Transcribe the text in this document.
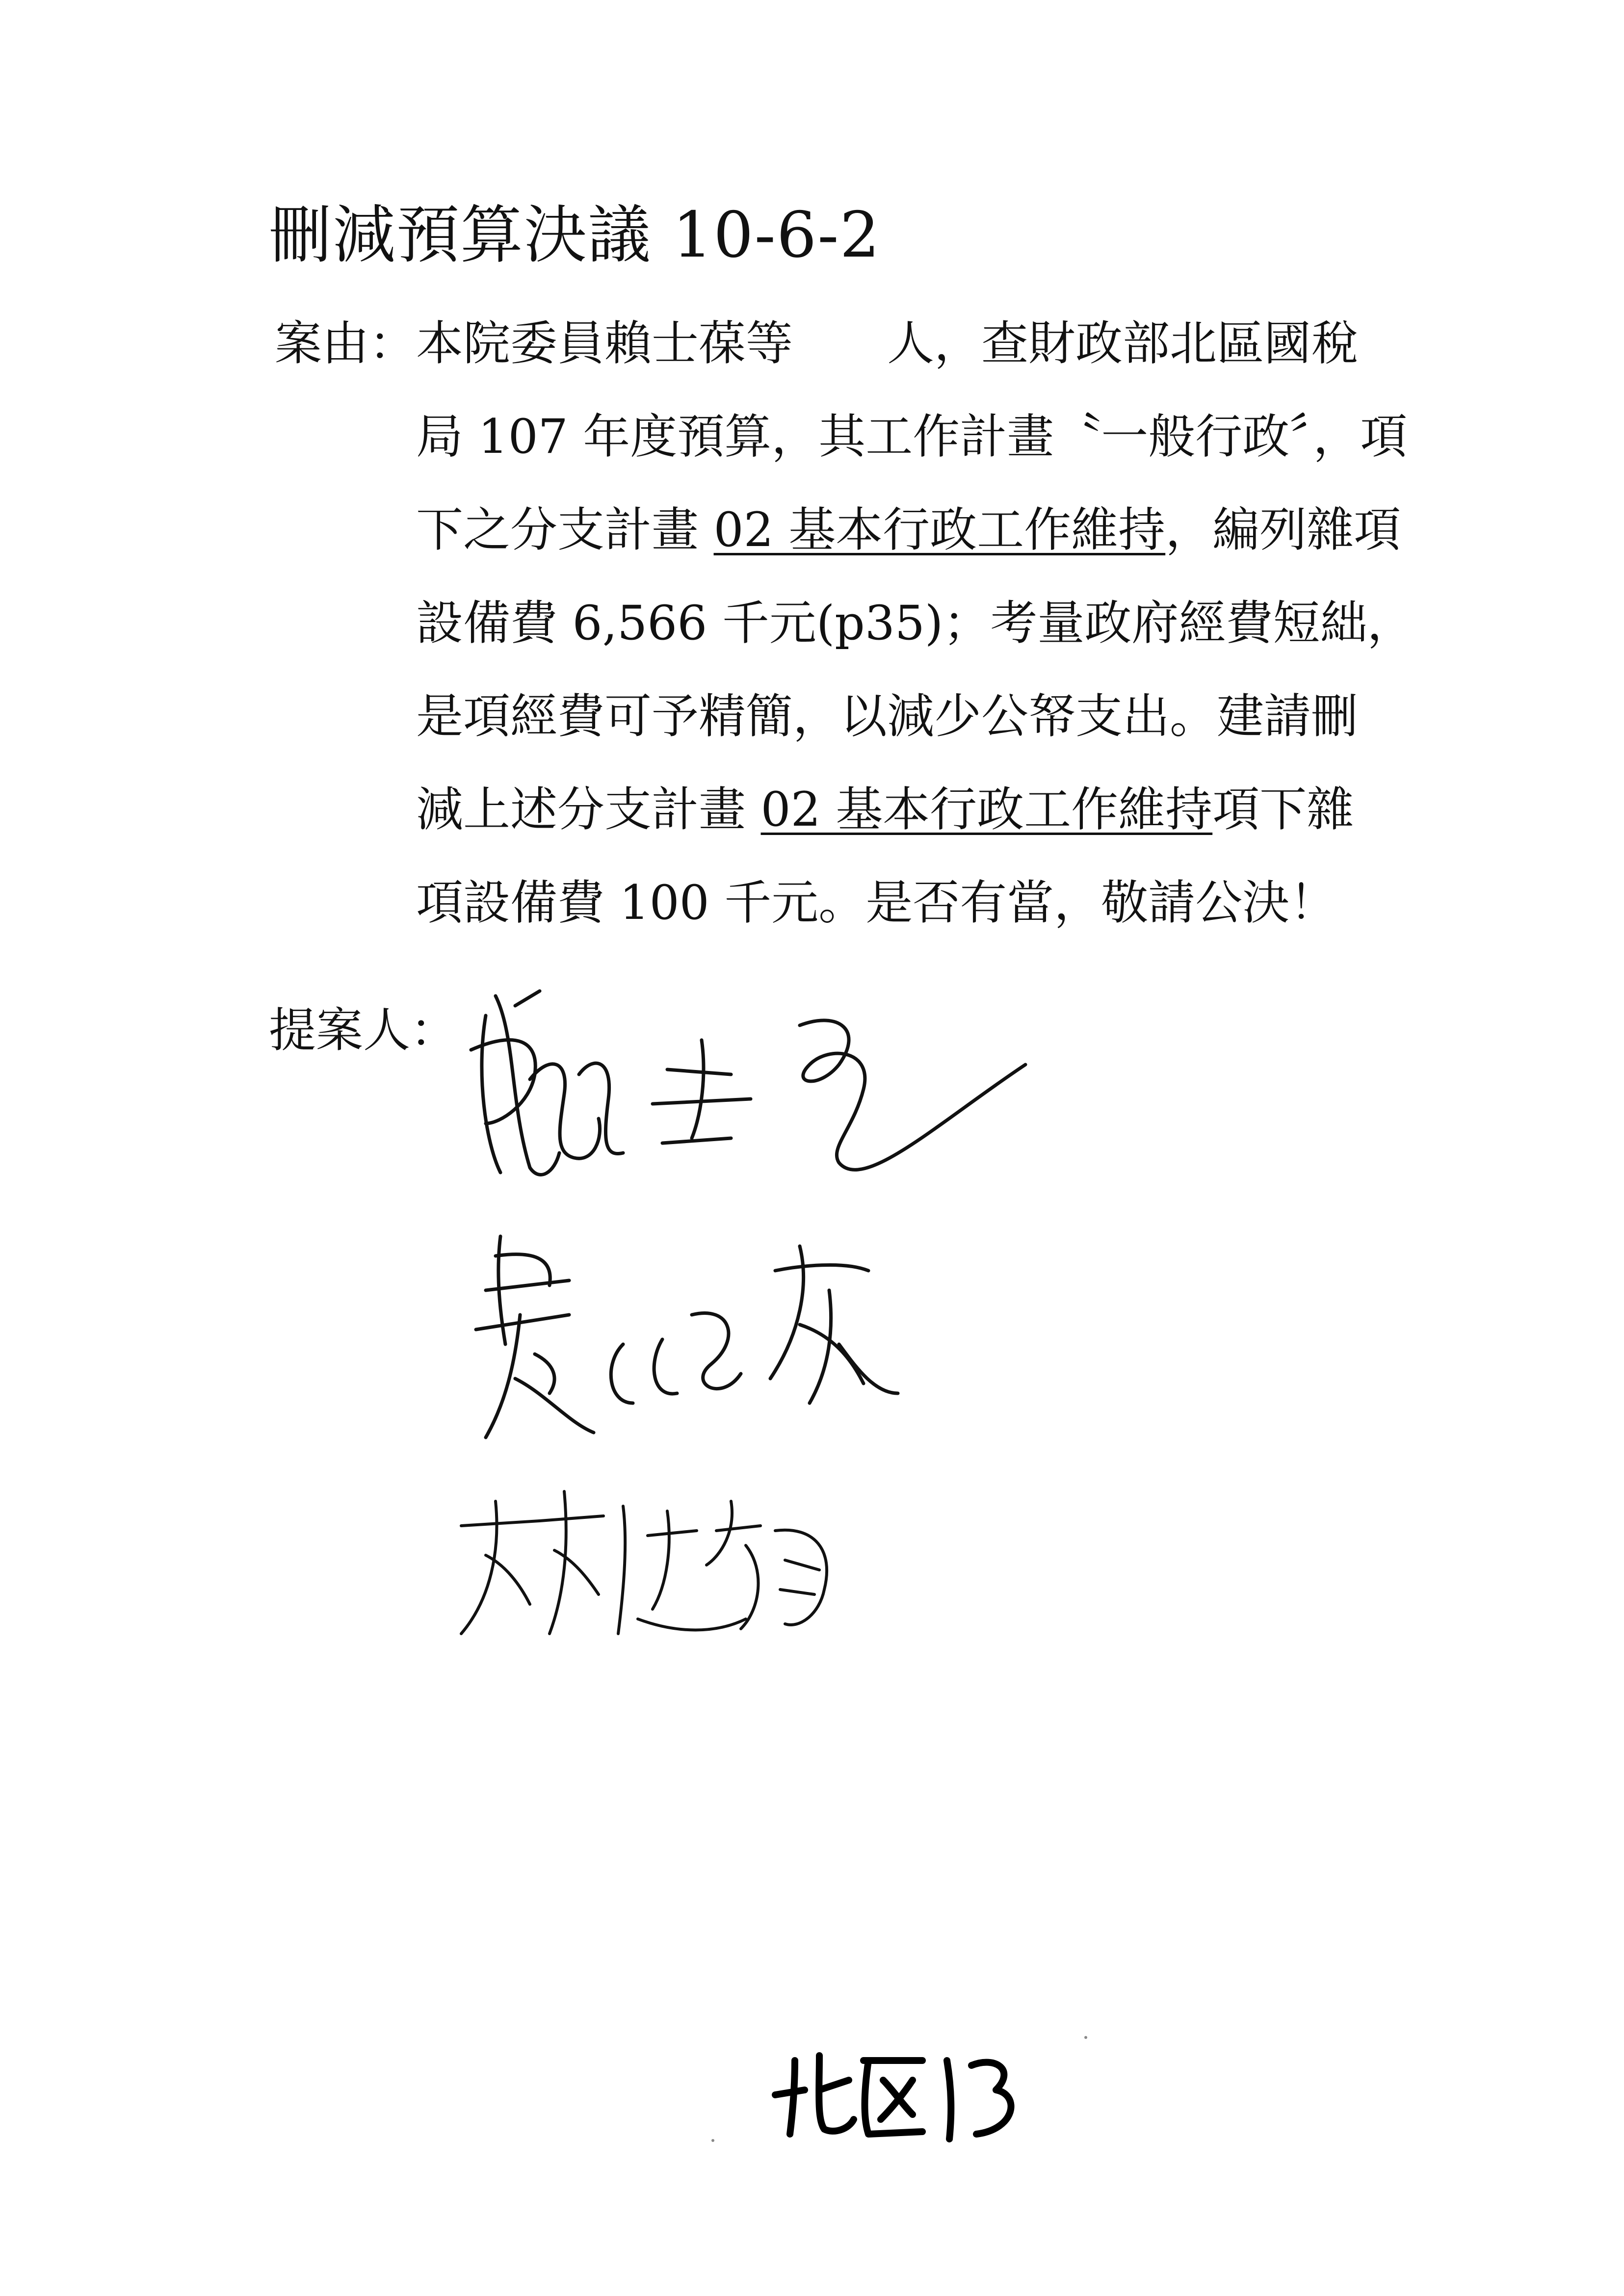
刪減預算決議 10-6-2
案由： 本院委員賴士葆等　　人，查財政部北區國稅
局 107 年度預算，其工作計畫〝一般行政〞，項
下之分支計畫 02 基本行政工作維持，編列雜項
設備費 6,566 千元(p35)；考量政府經費短絀，
是項經費可予精簡，以減少公帑支出。建請刪
減上述分支計畫 02 基本行政工作維持項下雜
項設備費 100 千元。是否有當，敬請公決！
提案人：
